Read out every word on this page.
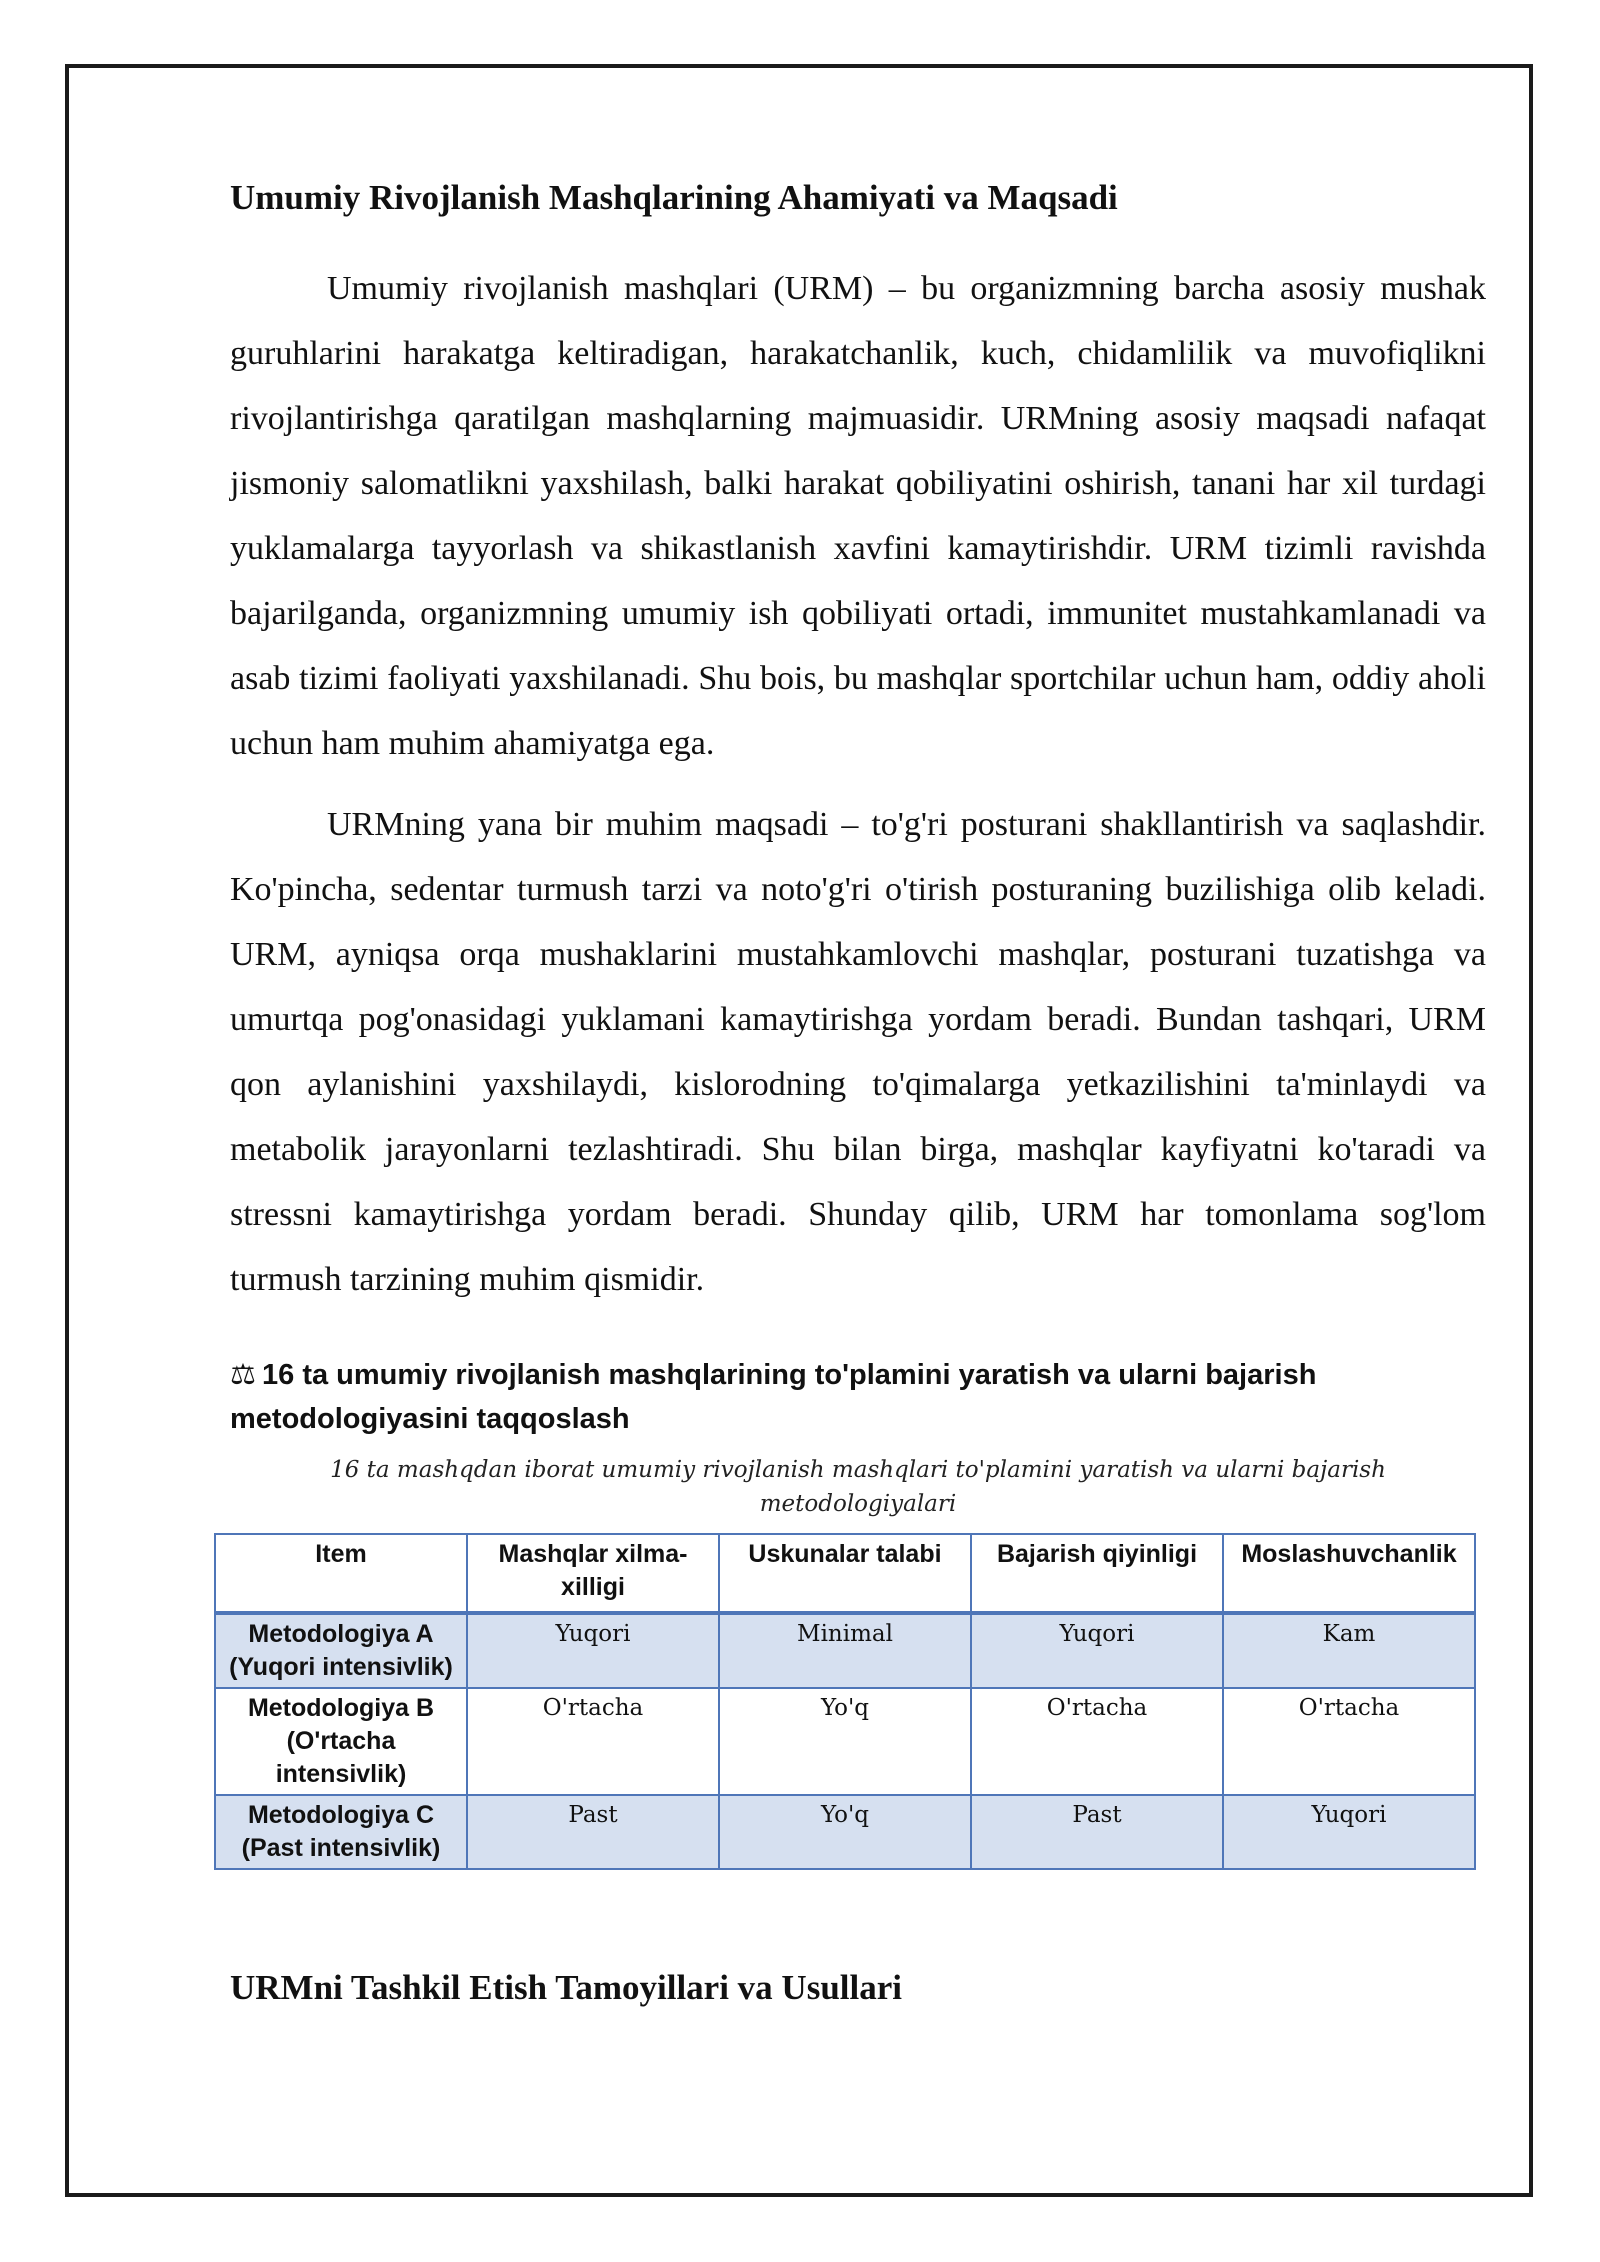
Umumiy Rivojlanish Mashqlarining Ahamiyati va Maqsadi

Umumiy rivojlanish mashqlari (URM) – bu organizmning barcha asosiy mushak guruhlarini harakatga keltiradigan, harakatchanlik, kuch, chidamlilik va muvofiqlikni rivojlantirishga qaratilgan mashqlarning majmuasidir. URMning asosiy maqsadi nafaqat jismoniy salomatlikni yaxshilash, balki harakat qobiliyatini oshirish, tanani har xil turdagi yuklamalarga tayyorlash va shikastlanish xavfini kamaytirishdir. URM tizimli ravishda bajarilganda, organizmning umumiy ish qobiliyati ortadi, immunitet mustahkamlanadi va asab tizimi faoliyati yaxshilanadi. Shu bois, bu mashqlar sportchilar uchun ham, oddiy aholi uchun ham muhim ahamiyatga ega.

URMning yana bir muhim maqsadi – to'g'ri posturani shakllantirish va saqlashdir. Ko'pincha, sedentar turmush tarzi va noto'g'ri o'tirish posturaning buzilishiga olib keladi. URM, ayniqsa orqa mushaklarini mustahkamlovchi mashqlar, posturani tuzatishga va umurtqa pog'onasidagi yuklamani kamaytirishga yordam beradi. Bundan tashqari, URM qon aylanishini yaxshilaydi, kislorodning to'qimalarga yetkazilishini ta'minlaydi va metabolik jarayonlarni tezlashtiradi. Shu bilan birga, mashqlar kayfiyatni ko'taradi va stressni kamaytirishga yordam beradi. Shunday qilib, URM har tomonlama sog'lom turmush tarzining muhim qismidir.

⚖ 16 ta umumiy rivojlanish mashqlarining to'plamini yaratish va ularni bajarish metodologiyasini taqqoslash
16 ta mashqdan iborat umumiy rivojlanish mashqlari to'plamini yaratish va ularni bajarish metodologiyalari
Item	Mashqlar xilma-xilligi	Uskunalar talabi	Bajarish qiyinligi	Moslashuvchanlik
Metodologiya A (Yuqori intensivlik)	Yuqori	Minimal	Yuqori	Kam
Metodologiya B (O'rtacha intensivlik)	O'rtacha	Yo'q	O'rtacha	O'rtacha
Metodologiya C (Past intensivlik)	Past	Yo'q	Past	Yuqori
URMni Tashkil Etish Tamoyillari va Usullari
